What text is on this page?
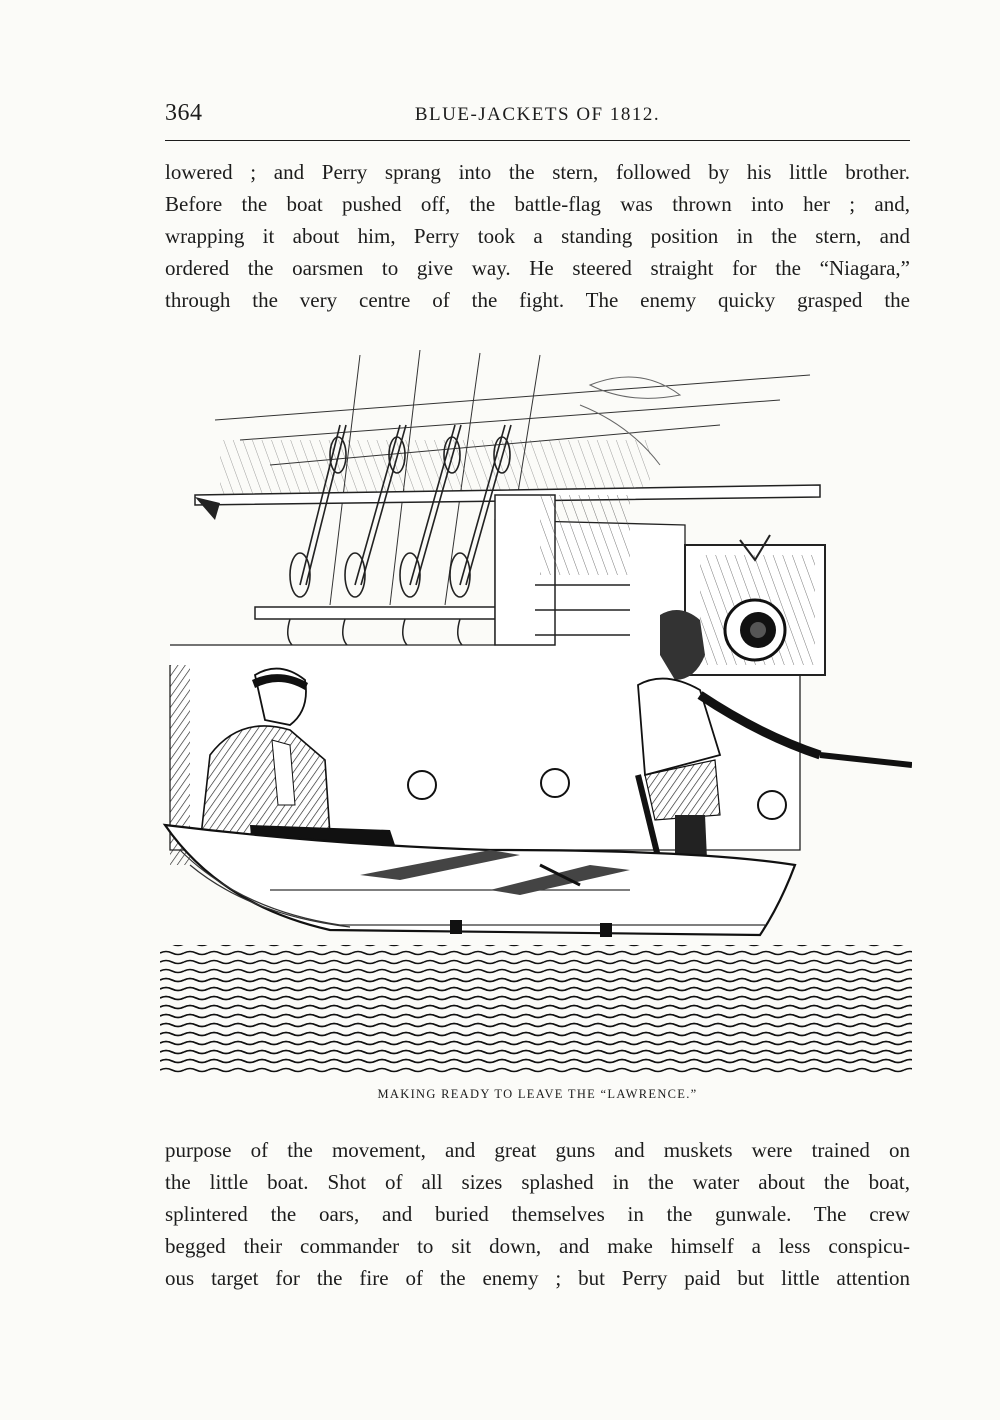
364	BLUE-JACKETS OF 1812.

lowered ; and Perry sprang into the stern, followed by his little brother.
Before the boat pushed off, the battle-flag was thrown into her ; and,
wrapping it about him, Perry took a standing position in the stern, and
ordered the oarsmen to give way. He steered straight for the “Niagara,”
through the very centre of the fight. The enemy quicky grasped the

MAKING READY TO LEAVE THE “LAWRENCE.”

purpose of the movement, and great guns and muskets were trained on
the little boat. Shot of all sizes splashed in the water about the boat,
splintered the oars, and buried themselves in the gunwale. The crew
begged their commander to sit down, and make himself a less conspicu-
ous target for the fire of the enemy ; but Perry paid but little attention
